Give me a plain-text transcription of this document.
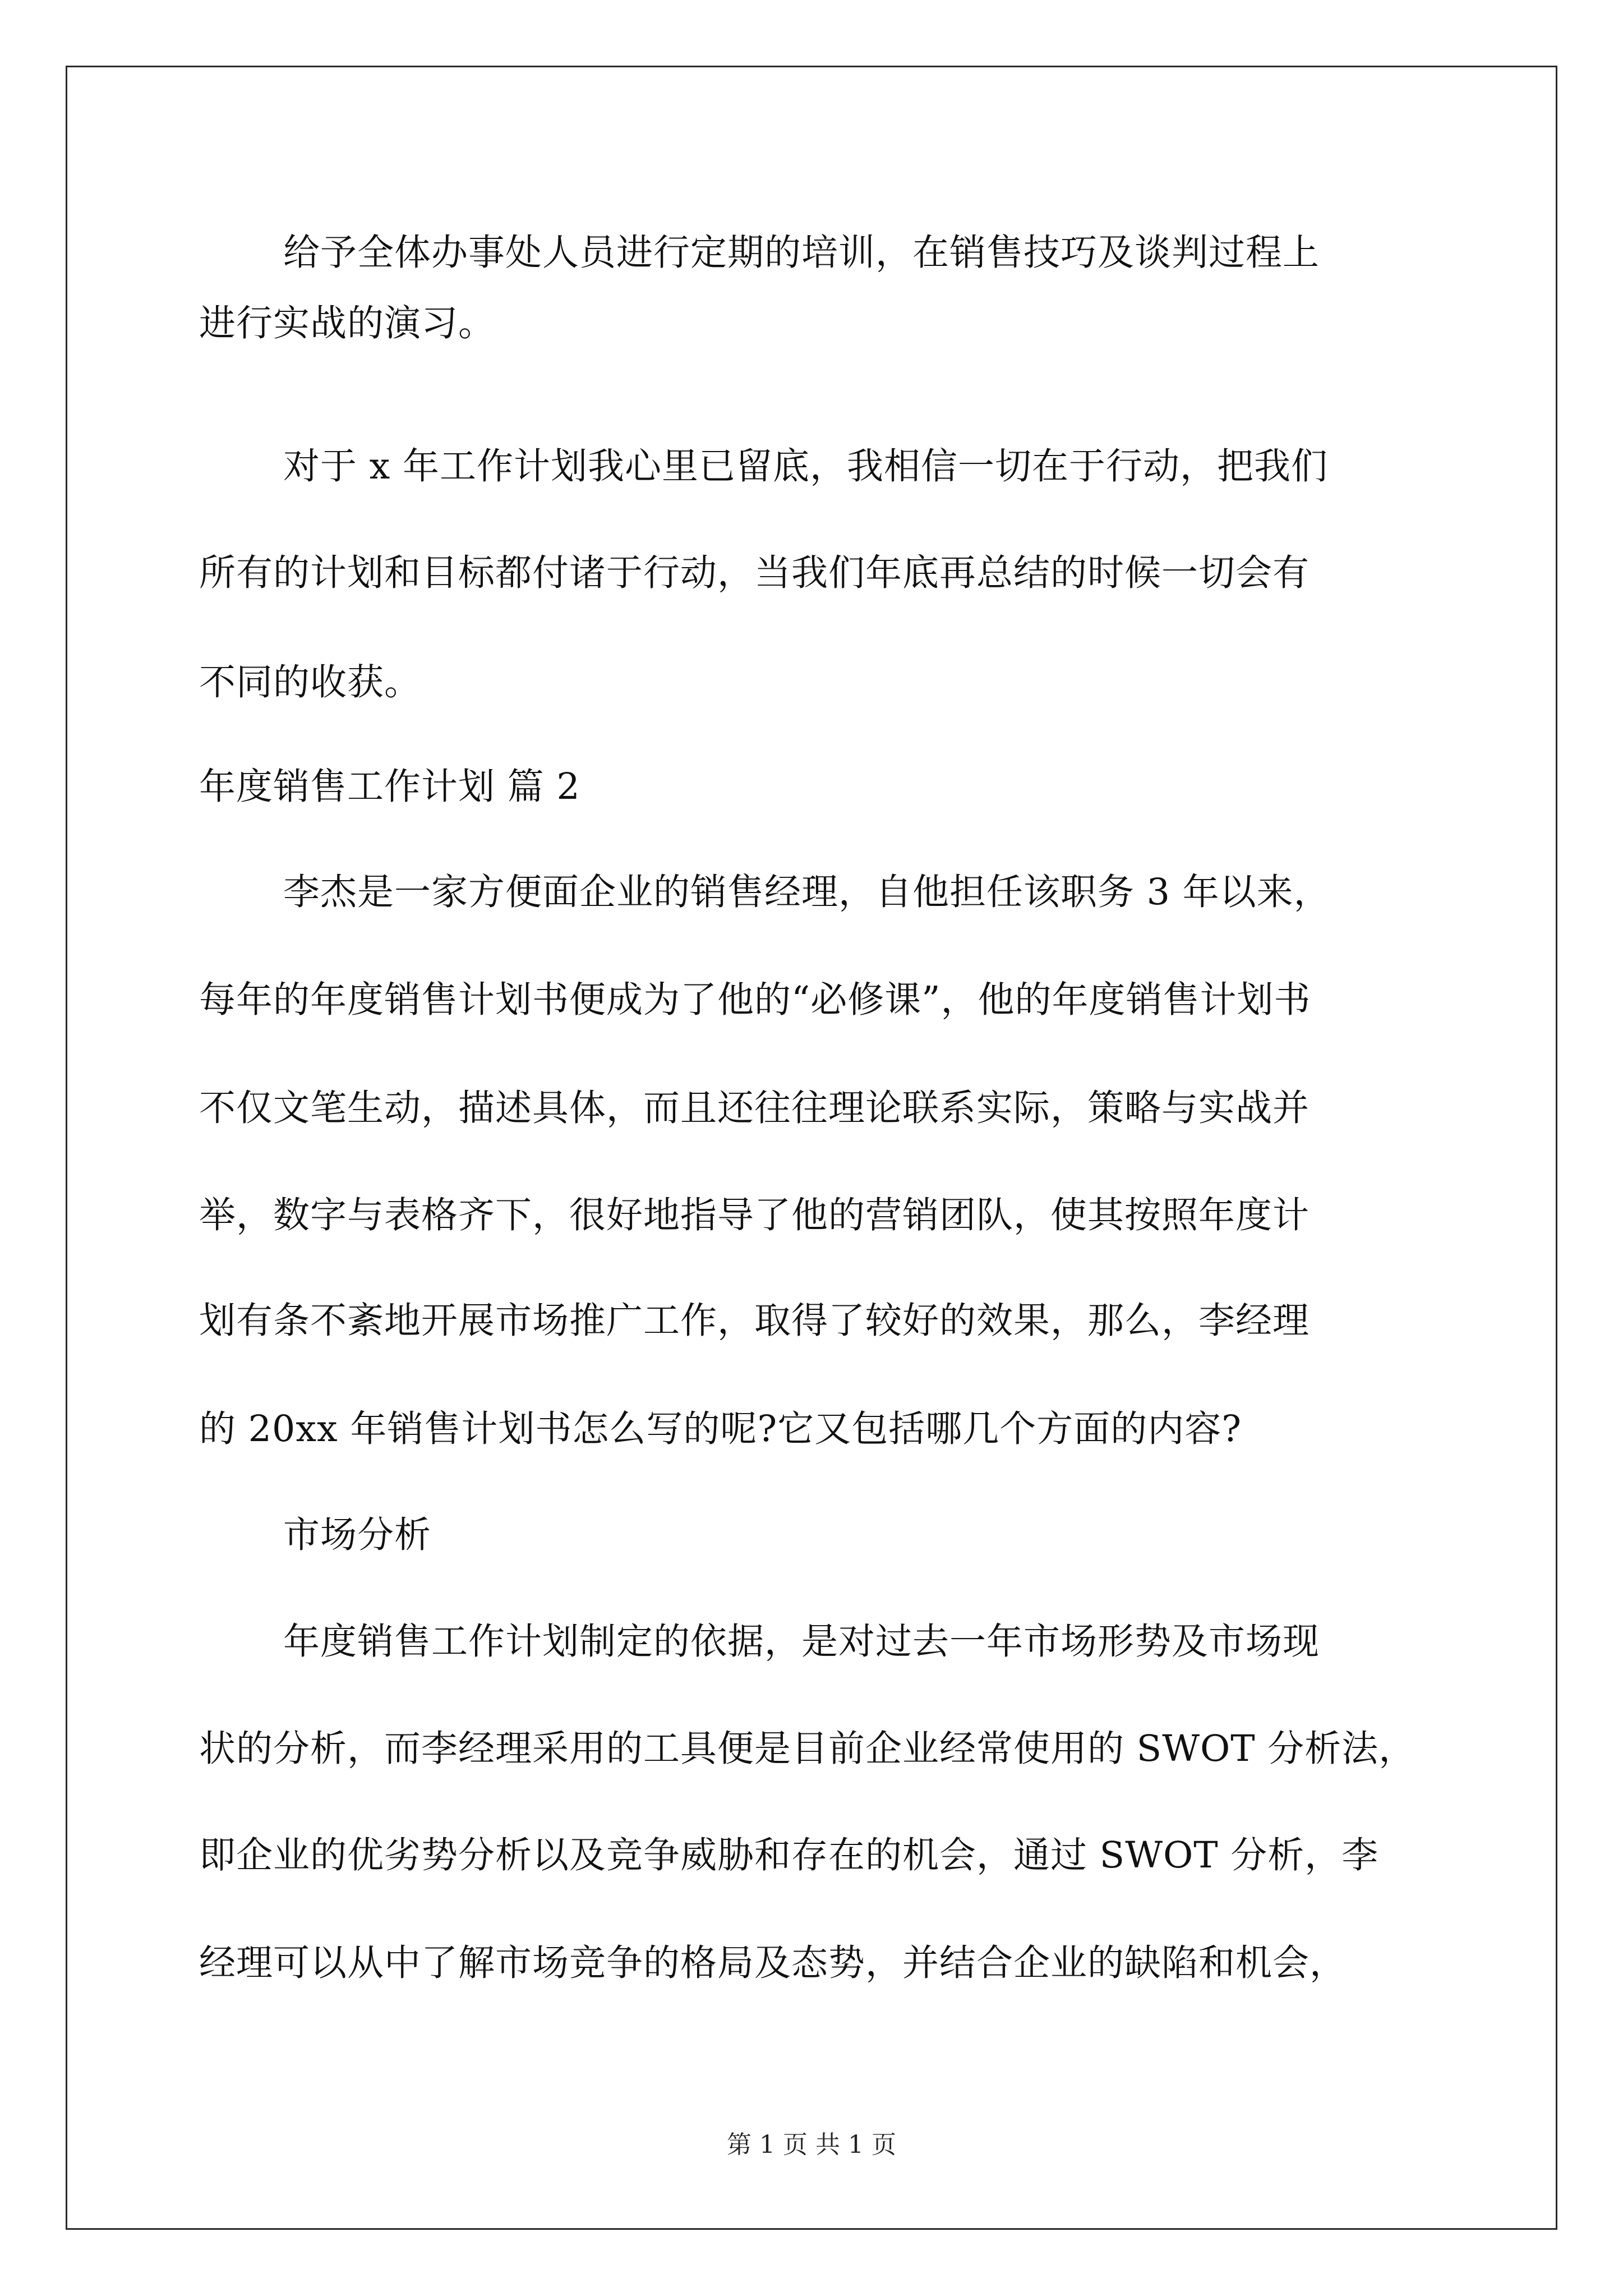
给予全体办事处人员进行定期的培训，在销售技巧及谈判过程上
进行实战的演习。
对于 x 年工作计划我心里已留底，我相信一切在于行动，把我们
所有的计划和目标都付诸于行动，当我们年底再总结的时候一切会有
不同的收获。
年度销售工作计划 篇 2
李杰是一家方便面企业的销售经理，自他担任该职务 3 年以来，
每年的年度销售计划书便成为了他的“必修课”，他的年度销售计划书
不仅文笔生动，描述具体，而且还往往理论联系实际，策略与实战并
举，数字与表格齐下，很好地指导了他的营销团队，使其按照年度计
划有条不紊地开展市场推广工作，取得了较好的效果，那么，李经理
的 20xx 年销售计划书怎么写的呢?它又包括哪几个方面的内容?
市场分析
年度销售工作计划制定的依据，是对过去一年市场形势及市场现
状的分析，而李经理采用的工具便是目前企业经常使用的 SWOT 分析法，
即企业的优劣势分析以及竞争威胁和存在的机会，通过 SWOT 分析，李
经理可以从中了解市场竞争的格局及态势，并结合企业的缺陷和机会，
第 1 页 共 1 页
